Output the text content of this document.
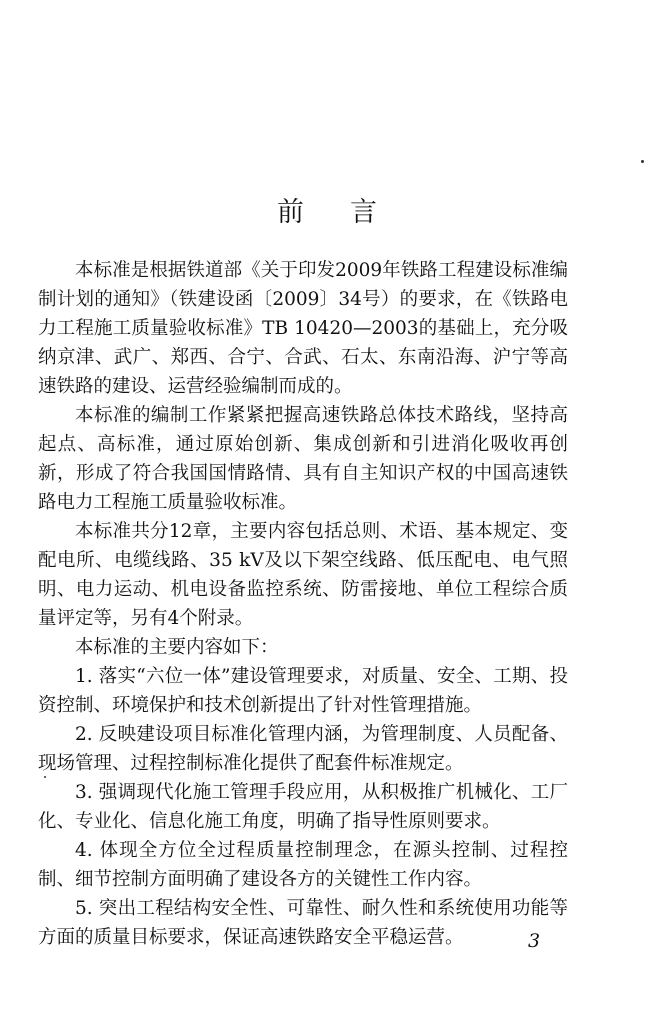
前言

本标准是根据铁道部《关于印发2009年铁路工程建设标准编制计划的通知》（铁建设函〔2009〕34号）的要求，在《铁路电力工程施工质量验收标准》TB 10420—2003的基础上，充分吸纳京津、武广、郑西、合宁、合武、石太、东南沿海、沪宁等高速铁路的建设、运营经验编制而成的。

本标准的编制工作紧紧把握高速铁路总体技术路线，坚持高起点、高标准，通过原始创新、集成创新和引进消化吸收再创新，形成了符合我国国情路情、具有自主知识产权的中国高速铁路电力工程施工质量验收标准。

本标准共分12章，主要内容包括总则、术语、基本规定、变配电所、电缆线路、35 kV及以下架空线路、低压配电、电气照明、电力运动、机电设备监控系统、防雷接地、单位工程综合质量评定等，另有4个附录。

本标准的主要内容如下：

1. 落实“六位一体”建设管理要求，对质量、安全、工期、投资控制、环境保护和技术创新提出了针对性管理措施。

2. 反映建设项目标准化管理内涵，为管理制度、人员配备、现场管理、过程控制标准化提供了配套件标准规定。

3. 强调现代化施工管理手段应用，从积极推广机械化、工厂化、专业化、信息化施工角度，明确了指导性原则要求。

4. 体现全方位全过程质量控制理念，在源头控制、过程控制、细节控制方面明确了建设各方的关键性工作内容。

5. 突出工程结构安全性、可靠性、耐久性和系统使用功能等方面的质量目标要求，保证高速铁路安全平稳运营。	3
